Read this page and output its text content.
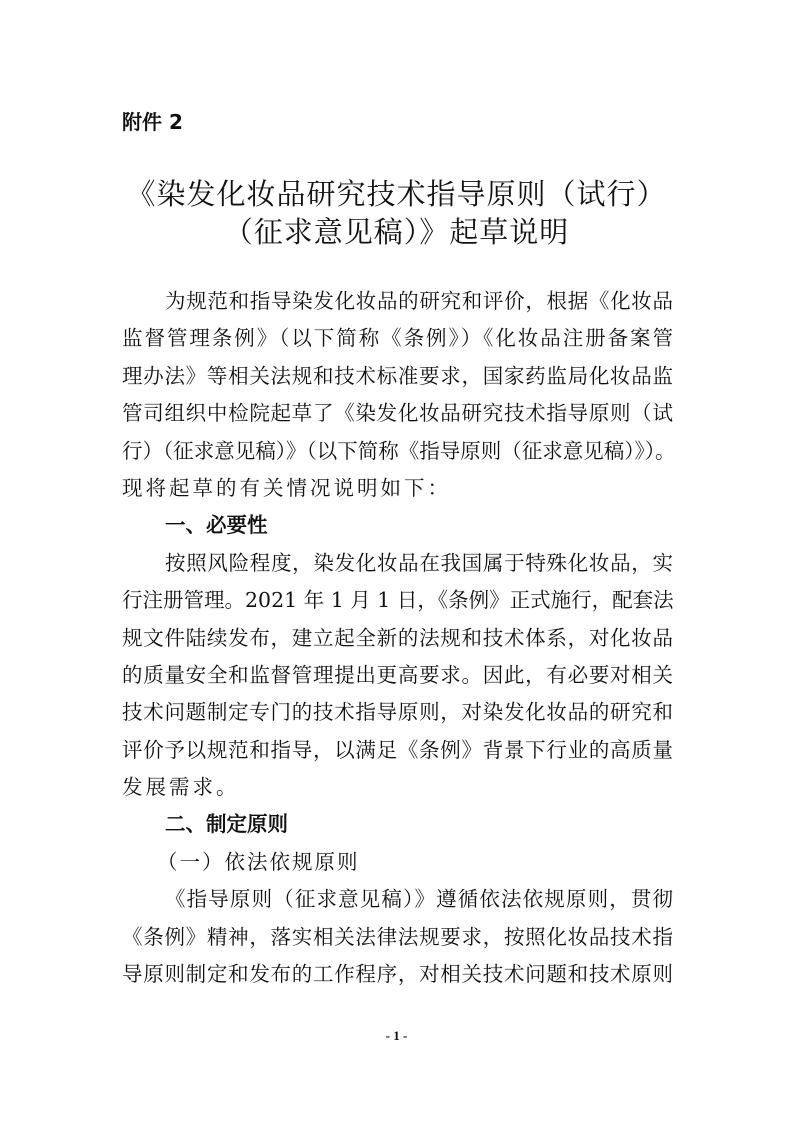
附件 2
《染发化妆品研究技术指导原则（试行）
（征求意见稿）》起草说明
为规范和指导染发化妆品的研究和评价，根据《化妆品
监督管理条例》（以下简称《条例》）《化妆品注册备案管
理办法》等相关法规和技术标准要求，国家药监局化妆品监
管司组织中检院起草了《染发化妆品研究技术指导原则（试
行）（征求意见稿）》（以下简称《指导原则（征求意见稿）》）。
现将起草的有关情况说明如下：
一、必要性
按照风险程度，染发化妆品在我国属于特殊化妆品，实
行注册管理。2021 年 1 月 1 日，《条例》正式施行，配套法
规文件陆续发布，建立起全新的法规和技术体系，对化妆品
的质量安全和监督管理提出更高要求。因此，有必要对相关
技术问题制定专门的技术指导原则，对染发化妆品的研究和
评价予以规范和指导，以满足《条例》背景下行业的高质量
发展需求。
二、制定原则
（一）依法依规原则
《指导原则（征求意见稿）》遵循依法依规原则，贯彻
《条例》精神，落实相关法律法规要求，按照化妆品技术指
导原则制定和发布的工作程序，对相关技术问题和技术原则
- 1 -
